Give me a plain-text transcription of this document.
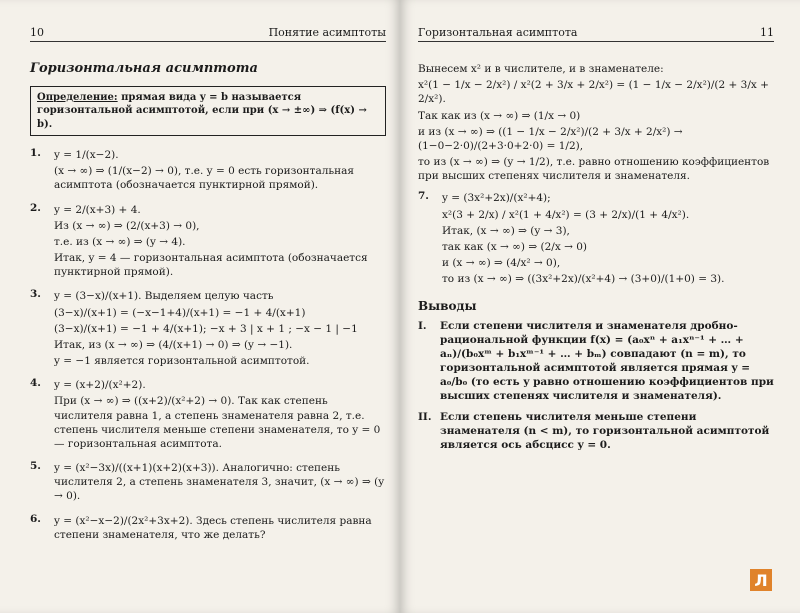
10	Понятие асимптоты
Горизонтальная асимптота
Определение: прямая вида y = b называется горизонтальной асимптотой, если при (x → ±∞) ⇒ (f(x) → b).
1.	y = 1/(x−2).
(x → ∞) ⇒ (1/(x−2) → 0), т.е. y = 0 есть горизонтальная асимптота (обозначается пунктирной прямой).
2.	y = 2/(x+3) + 4.
Из (x → ∞) ⇒ (2/(x+3) → 0),
т.е. из (x → ∞) ⇒ (y → 4).
Итак, y = 4 — горизонтальная асимптота (обозначается пунктирной прямой).
3.	y = (3−x)/(x+1). Выделяем целую часть
(3−x)/(x+1) = (−x−1+4)/(x+1) = −1 + 4/(x+1)
(3−x)/(x+1) = −1 + 4/(x+1); −x + 3 | x + 1 ; −x − 1 | −1
Итак, из (x → ∞) ⇒ (4/(x+1) → 0) ⇒ (y → −1).
y = −1 является горизонтальной асимптотой.
4.	y = (x+2)/(x²+2).
При (x → ∞) ⇒ ((x+2)/(x²+2) → 0). Так как степень числителя равна 1, а степень знаменателя равна 2, т.е. степень числителя меньше степени знаменателя, то y = 0 — горизонтальная асимптота.
5.	y = (x²−3x)/((x+1)(x+2)(x+3)). Аналогично: степень числителя 2, а степень знаменателя 3, значит, (x → ∞) ⇒ (y → 0).
6.	y = (x²−x−2)/(2x²+3x+2). Здесь степень числителя равна степени знаменателя, что же делать?
Горизонтальная асимптота	11
Вынесем x² и в числителе, и в знаменателе:
x²(1 − 1/x − 2/x²) / x²(2 + 3/x + 2/x²) = (1 − 1/x − 2/x²)/(2 + 3/x + 2/x²).
Так как из (x → ∞) ⇒ (1/x → 0)
и из (x → ∞) ⇒ ((1 − 1/x − 2/x²)/(2 + 3/x + 2/x²) → (1−0−2·0)/(2+3·0+2·0) = 1/2),
то из (x → ∞) ⇒ (y → 1/2), т.е. равно отношению коэффициентов при высших степенях числителя и знаменателя.
7.	y = (3x²+2x)/(x²+4);
x²(3 + 2/x) / x²(1 + 4/x²) = (3 + 2/x)/(1 + 4/x²).
Итак, (x → ∞) ⇒ (y → 3),
так как (x → ∞) ⇒ (2/x → 0)
и (x → ∞) ⇒ (4/x² → 0),
то из (x → ∞) ⇒ ((3x²+2x)/(x²+4) → (3+0)/(1+0) = 3).
Выводы
I.	Если степени числителя и знаменателя дробно-рациональной функции f(x) = (a₀xⁿ + a₁xⁿ⁻¹ + … + aₙ)/(b₀xᵐ + b₁xᵐ⁻¹ + … + bₘ) совпадают (n = m), то горизонтальной асимптотой является прямая y = a₀/b₀ (то есть y равно отношению коэффициентов при высших степенях числителя и знаменателя).
II. Если степень числителя меньше степени знаменателя (n < m), то горизонтальной асимптотой является ось абсцисс y = 0.
Л
